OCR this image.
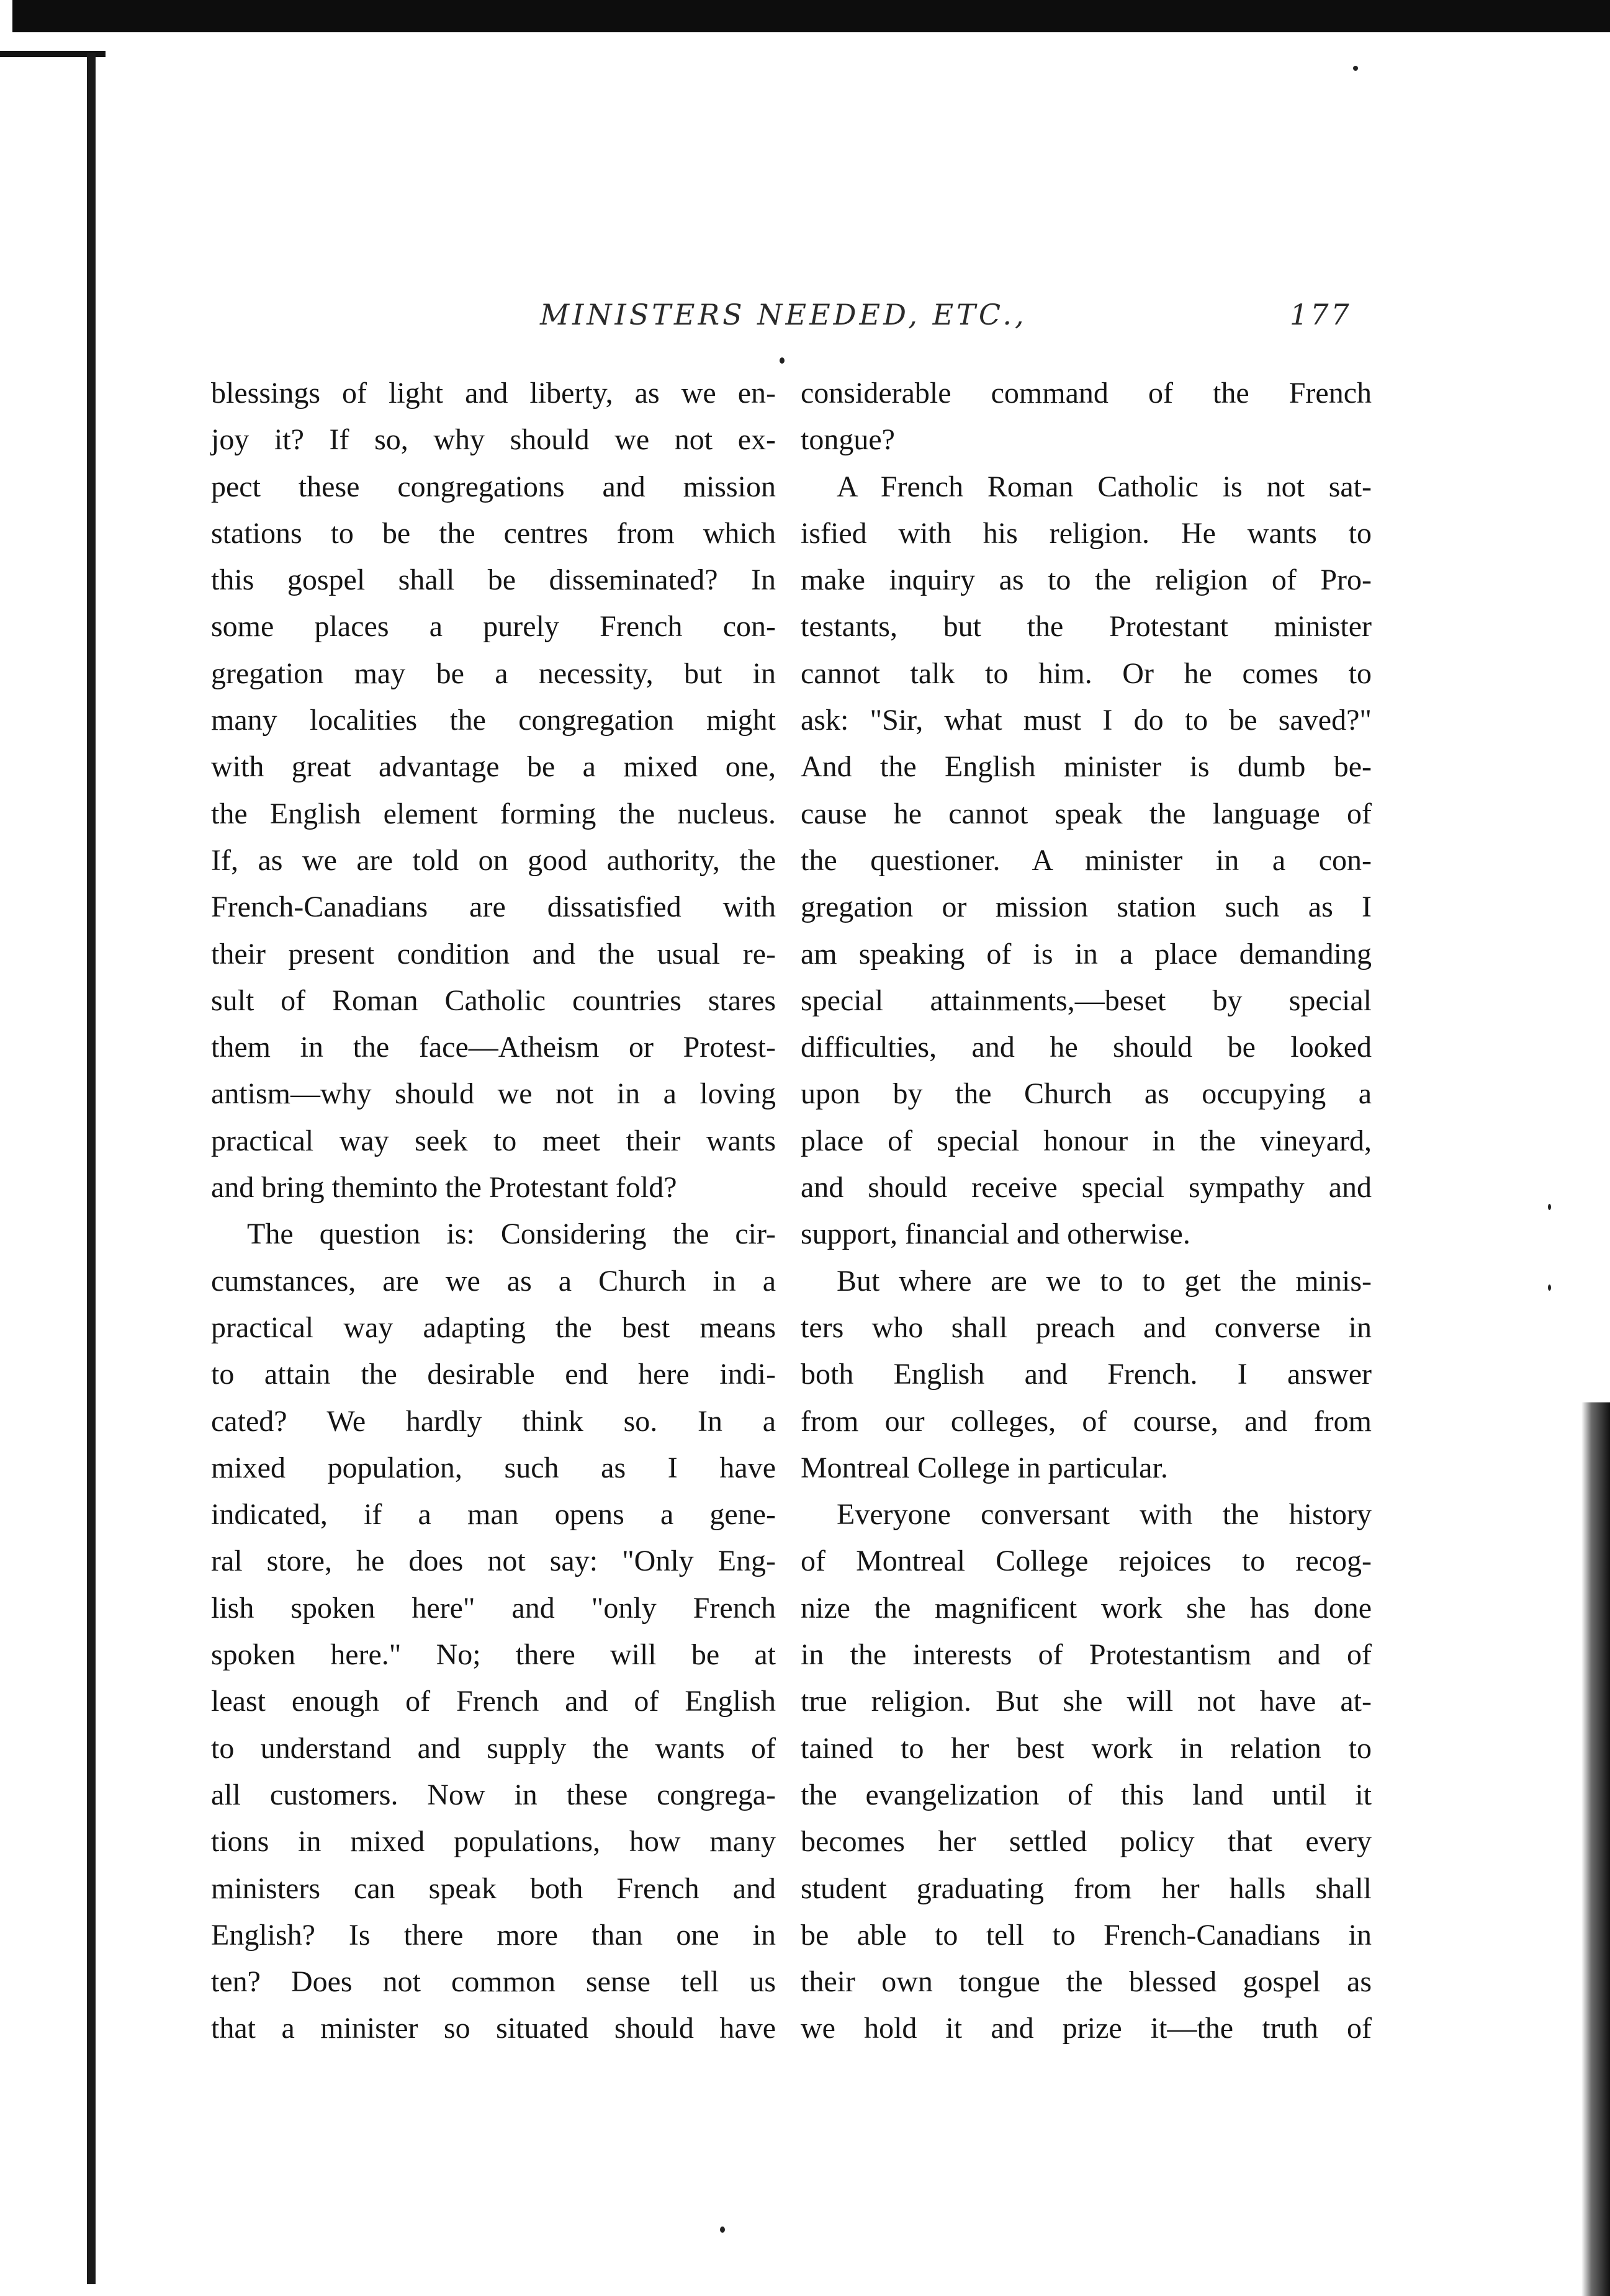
MINISTERS NEEDED, ETC.,	177
blessings of light and liberty, as we en-
joy it? If so, why should we not ex-
pect these congregations and mission
stations to be the centres from which
this gospel shall be disseminated? In
some places a purely French con-
gregation may be a necessity, but in
many localities the congregation might
with great advantage be a mixed one,
the English element forming the nucleus.
If, as we are told on good authority, the
French-Canadians are dissatisfied with
their present condition and the usual re-
sult of Roman Catholic countries stares
them in the face—Atheism or Protest-
antism—why should we not in a loving
practical way seek to meet their wants
and bring theminto the Protestant fold?
The question is: Considering the cir-
cumstances, are we as a Church in a
practical way adapting the best means
to attain the desirable end here indi-
cated? We hardly think so. In a
mixed population, such as I have
indicated, if a man opens a gene-
ral store, he does not say: "Only Eng-
lish spoken here" and "only French
spoken here." No; there will be at
least enough of French and of English
to understand and supply the wants of
all customers. Now in these congrega-
tions in mixed populations, how many
ministers can speak both French and
English? Is there more than one in
ten? Does not common sense tell us
that a minister so situated should have
considerable command of the French
tongue?
A French Roman Catholic is not sat-
isfied with his religion. He wants to
make inquiry as to the religion of Pro-
testants, but the Protestant minister
cannot talk to him. Or he comes to
ask: "Sir, what must I do to be saved?"
And the English minister is dumb be-
cause he cannot speak the language of
the questioner. A minister in a con-
gregation or mission station such as I
am speaking of is in a place demanding
special attainments,—beset by special
difficulties, and he should be looked
upon by the Church as occupying a
place of special honour in the vineyard,
and should receive special sympathy and
support, financial and otherwise.
But where are we to to get the minis-
ters who shall preach and converse in
both English and French. I answer
from our colleges, of course, and from
Montreal College in particular.
Everyone conversant with the history
of Montreal College rejoices to recog-
nize the magnificent work she has done
in the interests of Protestantism and of
true religion. But she will not have at-
tained to her best work in relation to
the evangelization of this land until it
becomes her settled policy that every
student graduating from her halls shall
be able to tell to French-Canadians in
their own tongue the blessed gospel as
we hold it and prize it—the truth of
